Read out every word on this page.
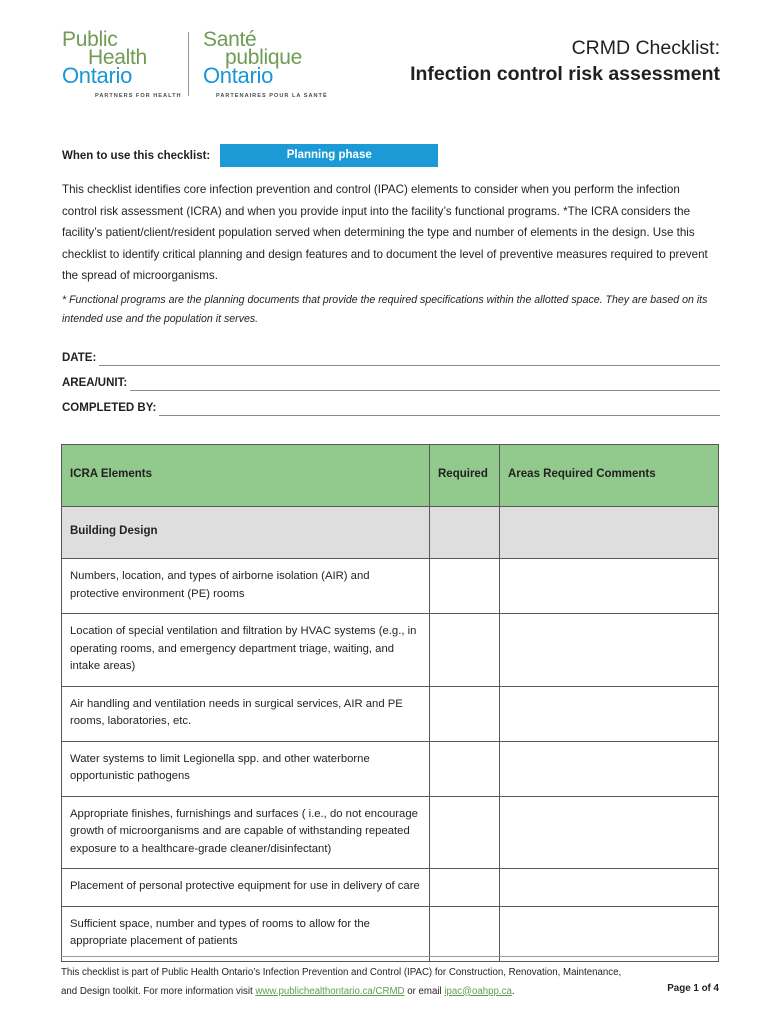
Public
Health
Ontario
PARTNERS FOR HEALTH
Santé
publique
Ontario
PARTENAIRES POUR LA SANTÉ
CRMD Checklist:
Infection control risk assessment
When to use this checklist:	Planning phase
This checklist identifies core infection prevention and control (IPAC) elements to consider when you perform the infection control risk assessment (ICRA) and when you provide input into the facility’s functional programs. *The ICRA considers the facility’s patient/client/resident population served when determining the type and number of elements in the design. Use this checklist to identify critical planning and design features and to document the level of preventive measures required to prevent the spread of microorganisms.
* Functional programs are the planning documents that provide the required specifications within the allotted space. They are based on its intended use and the population it serves.
DATE:
AREA/UNIT:
COMPLETED BY:
ICRA Elements	Required	Areas Required Comments
Building Design		
Numbers, location, and types of airborne isolation (AIR) and protective environment (PE) rooms		
Location of special ventilation and filtration by HVAC systems (e.g., in operating rooms, and emergency department triage, waiting, and intake areas)		
Air handling and ventilation needs in surgical services, AIR and PE rooms, laboratories, etc.		
Water systems to limit Legionella spp. and other waterborne opportunistic pathogens		
Appropriate finishes, furnishings and surfaces ( i.e., do not encourage growth of microorganisms and are capable of withstanding repeated exposure to a healthcare-grade cleaner/disinfectant)		
Placement of personal protective equipment for use in delivery of care		
Sufficient space, number and types of rooms to allow for the appropriate placement of patients		
This checklist is part of Public Health Ontario’s Infection Prevention and Control (IPAC) for Construction, Renovation, Maintenance, and Design toolkit. For more information visit www.publichealthontario.ca/CRMD or email ipac@oahpp.ca.	Page 1 of 4
